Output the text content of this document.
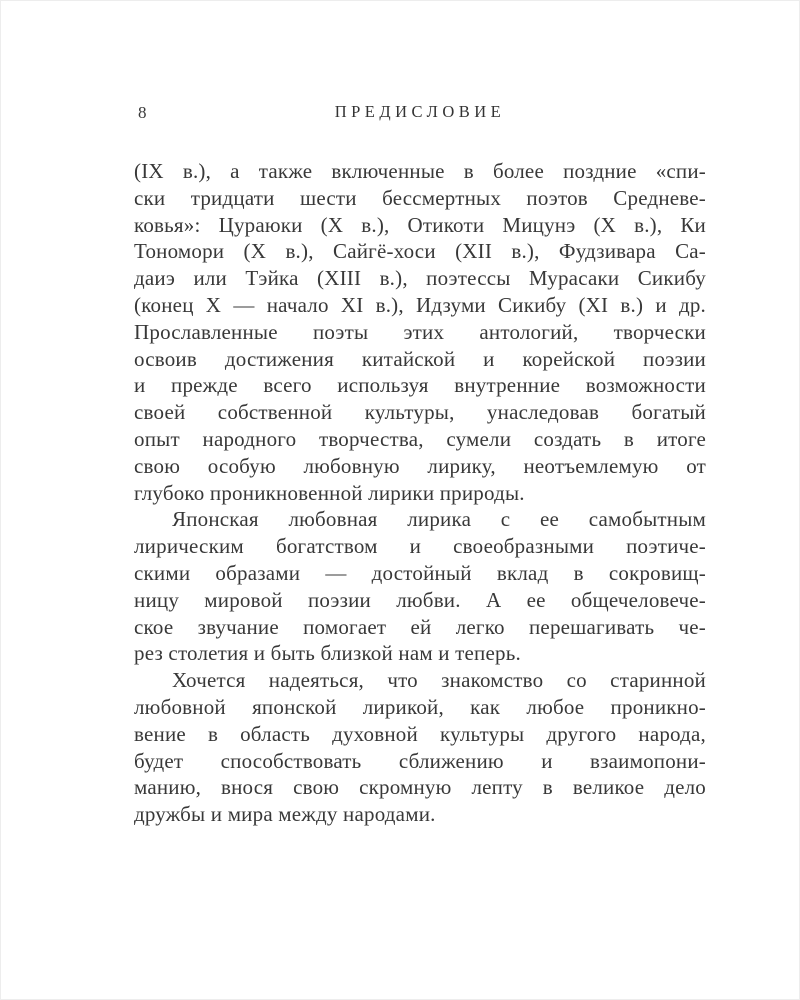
8	ПРЕДИСЛОВИЕ
(IX в.), а также включенные в более поздние «спи-
ски тридцати шести бессмертных поэтов Средневе-
ковья»: Цураюки (X в.), Отикоти Мицунэ (X в.), Ки
Тономори (X в.), Сайгё-хоси (XII в.), Фудзивара Са-
даиэ или Тэйка (XIII в.), поэтессы Мурасаки Сикибу
(конец X — начало XI в.), Идзуми Сикибу (XI в.) и др.
Прославленные поэты этих антологий, творчески
освоив достижения китайской и корейской поэзии
и прежде всего используя внутренние возможности
своей собственной культуры, унаследовав богатый
опыт народного творчества, сумели создать в итоге
свою особую любовную лирику, неотъемлемую от
глубоко проникновенной лирики природы.
Японская любовная лирика с ее самобытным
лирическим богатством и своеобразными поэтиче-
скими образами — достойный вклад в сокровищ-
ницу мировой поэзии любви. А ее общечеловече-
ское звучание помогает ей легко перешагивать че-
рез столетия и быть близкой нам и теперь.
Хочется надеяться, что знакомство со старинной
любовной японской лирикой, как любое проникно-
вение в область духовной культуры другого народа,
будет способствовать сближению и взаимопони-
манию, внося свою скромную лепту в великое дело
дружбы и мира между народами.
